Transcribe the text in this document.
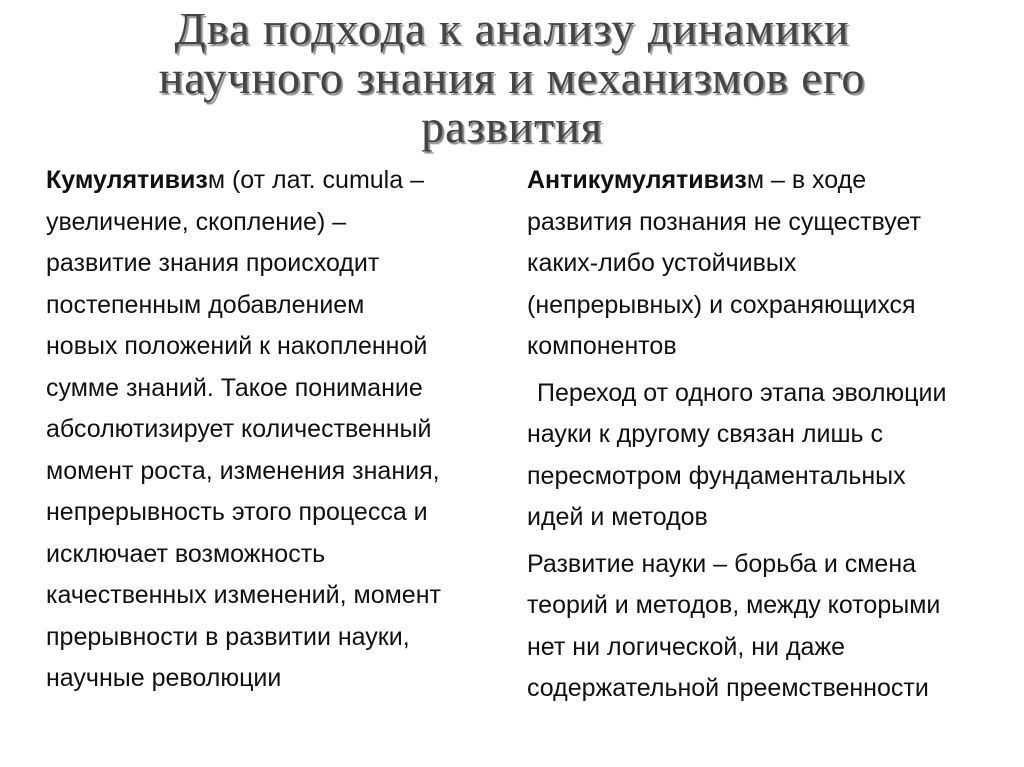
Два подхода к анализу динамики
научного знания и механизмов его
развития
Кумулятивизм (от лат. cumula –
увеличение, скопление) –
развитие знания происходит
постепенным добавлением
новых положений к накопленной
сумме знаний. Такое понимание
абсолютизирует количественный
момент роста, изменения знания,
непрерывность этого процесса и
исключает возможность
качественных изменений, момент
прерывности в развитии науки,
научные революции
Антикумулятивизм – в ходе
развития познания не существует
каких-либо устойчивых
(непрерывных) и сохраняющихся
компонентов
Переход от одного этапа эволюции
науки к другому связан лишь с
пересмотром фундаментальных
идей и методов
Развитие науки – борьба и смена
теорий и методов, между которыми
нет ни логической, ни даже
содержательной преемственности
